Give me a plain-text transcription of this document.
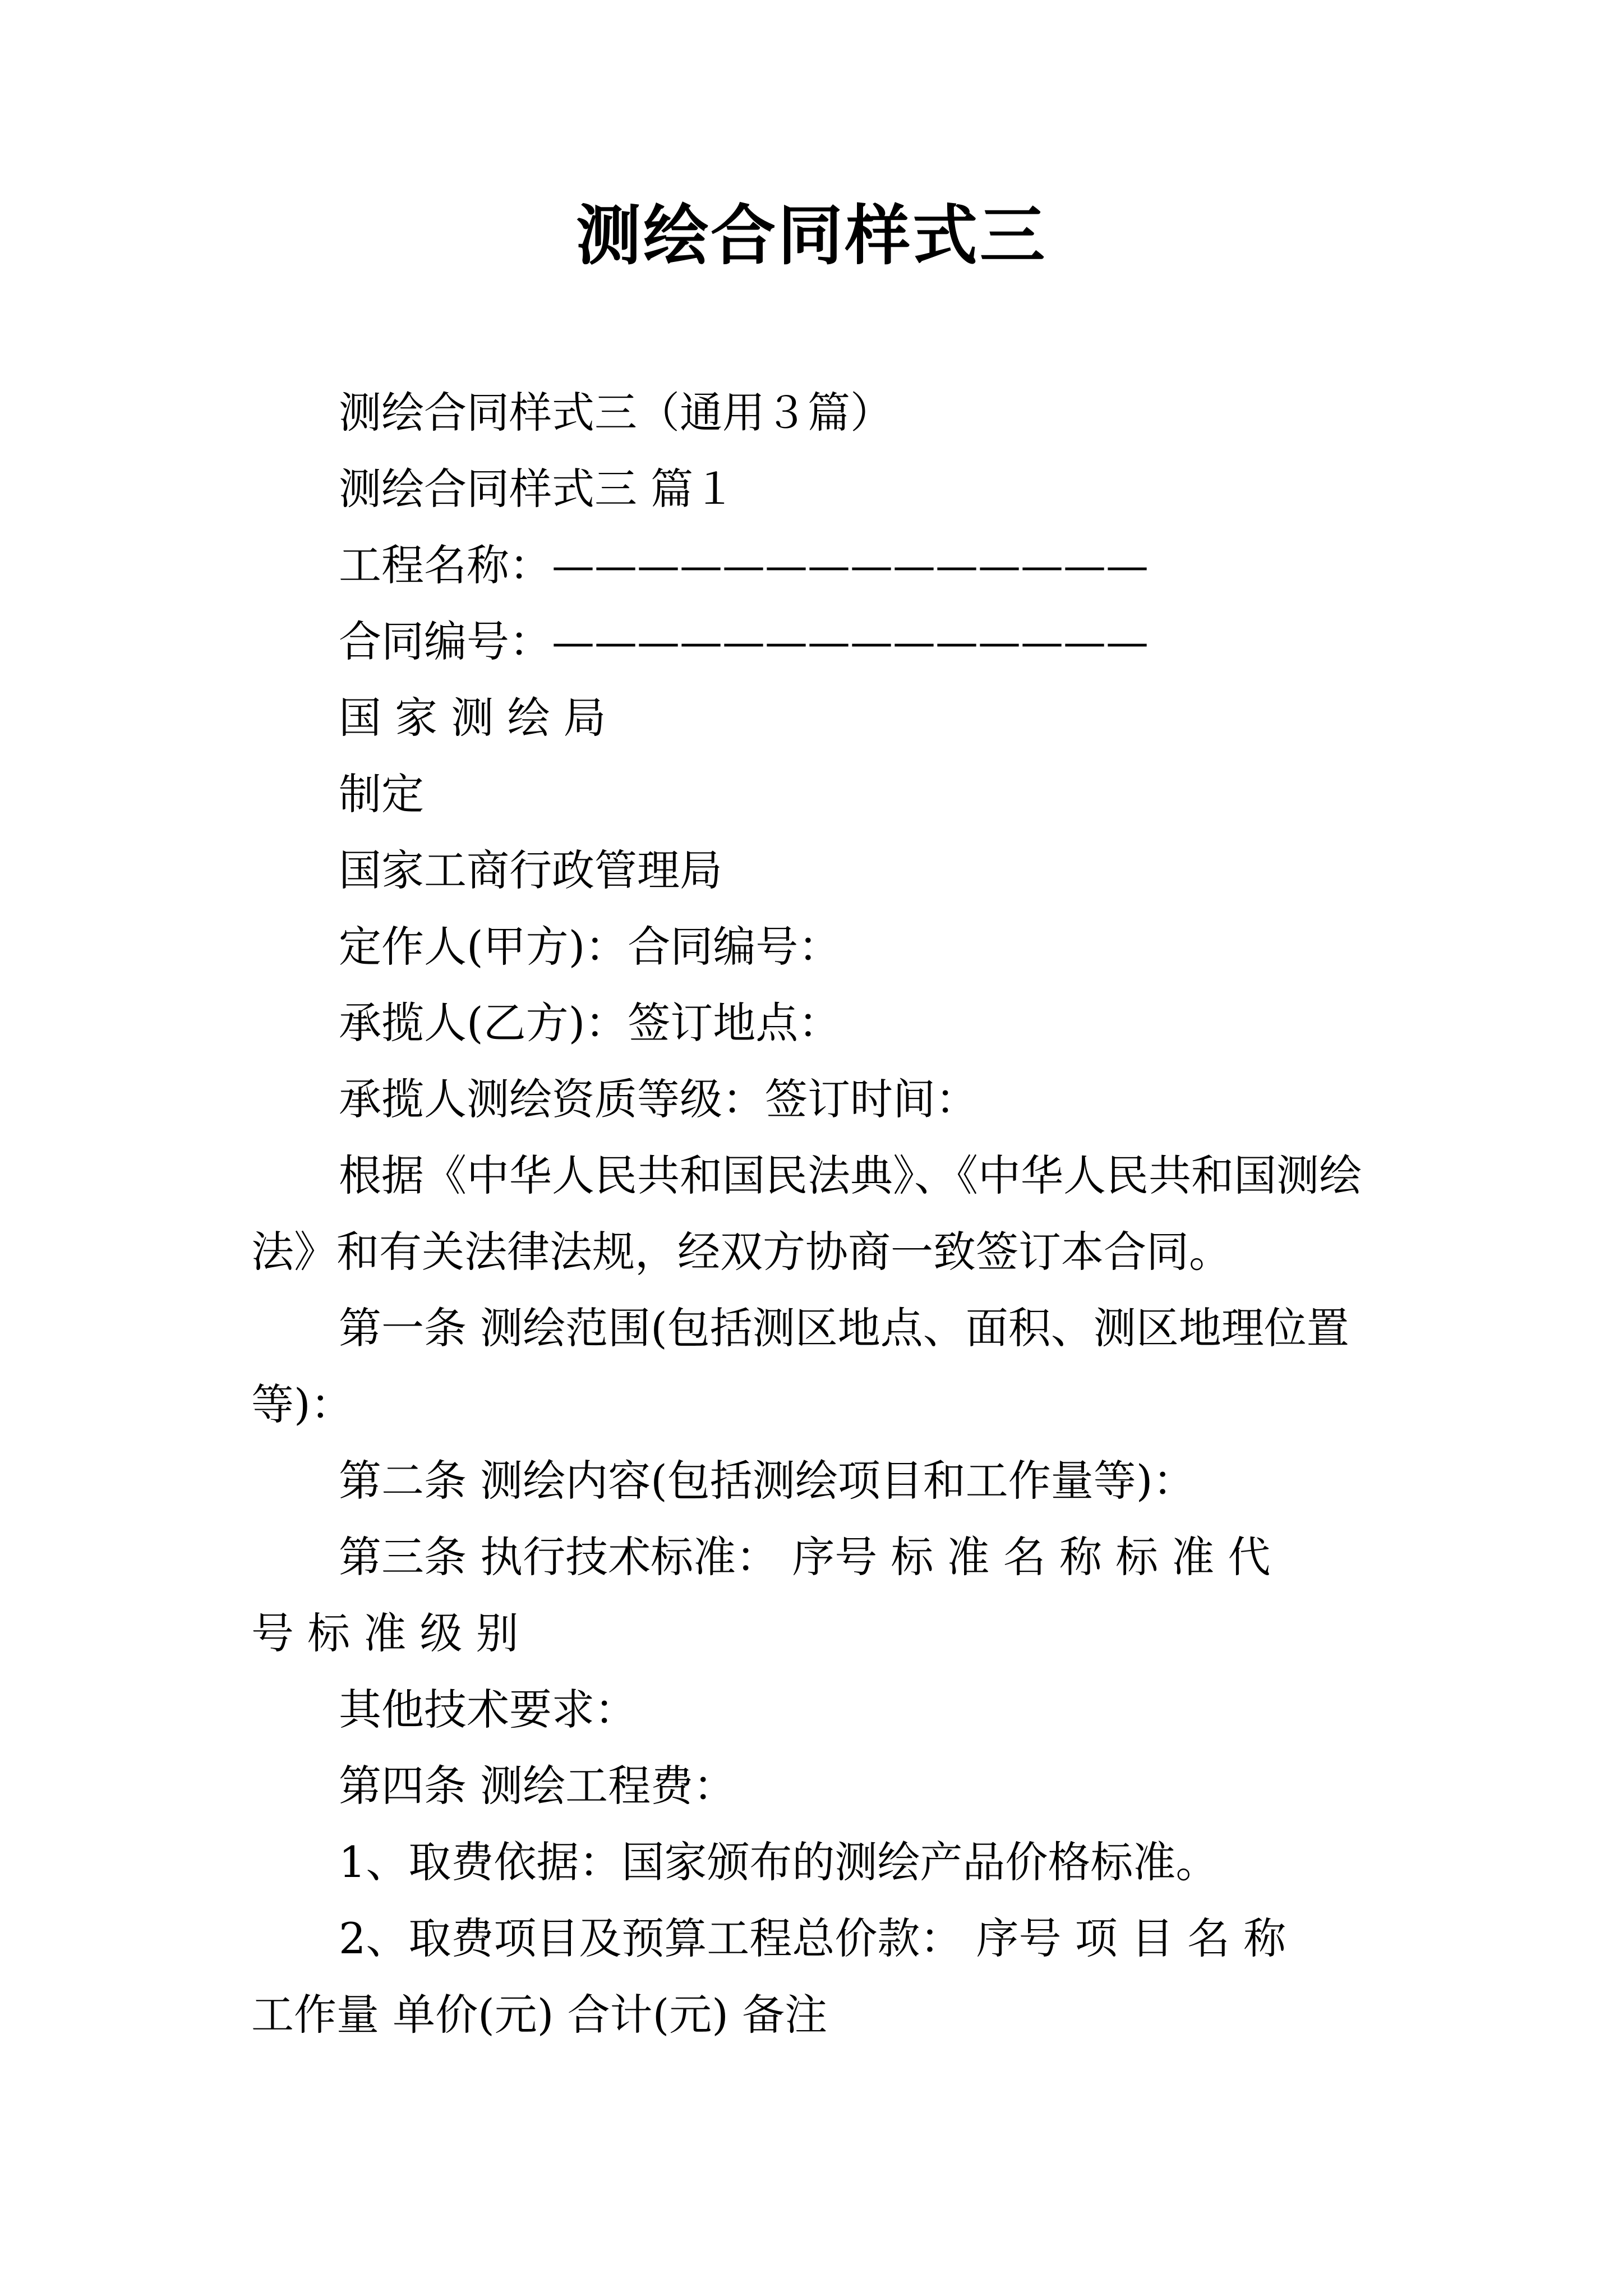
测绘合同样式三
测绘合同样式三（通用３篇）
测绘合同样式三 篇１
工程名称：——————————————
合同编号：——————————————
国 家 测 绘 局
制定
国家工商行政管理局
定作人(甲方)：合同编号：
承揽人(乙方)：签订地点：
承揽人测绘资质等级：签订时间：
根据《中华人民共和国民法典》、《中华人民共和国测绘
法》和有关法律法规，经双方协商一致签订本合同。
第一条 测绘范围(包括测区地点、面积、测区地理位置
等)：
第二条 测绘内容(包括测绘项目和工作量等)：
第三条 执行技术标准： 序号 标 准 名 称 标 准 代
号 标 准 级 别
其他技术要求：
第四条 测绘工程费：
1、取费依据：国家颁布的测绘产品价格标准。
2、取费项目及预算工程总价款： 序号 项 目 名 称
工作量 单价(元) 合计(元) 备注
